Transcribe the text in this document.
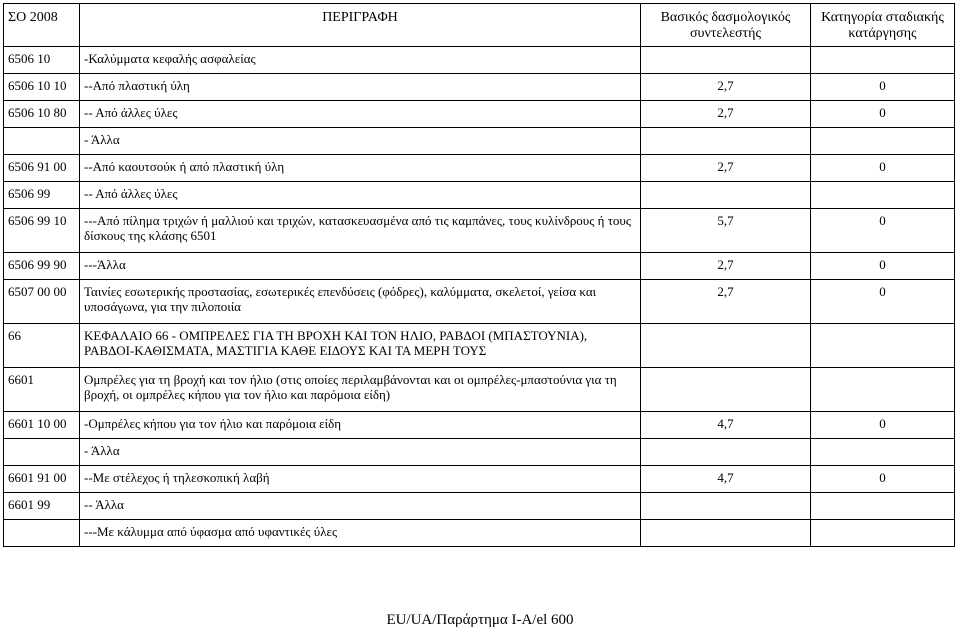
ΣΟ 2008	ΠΕΡΙΓΡΑΦΗ	Βασικός δασμολογικός συντελεστής	Κατηγορία σταδιακής κατάργησης
6506 10	-Καλύμματα κεφαλής ασφαλείας		
6506 10 10	--Από πλαστική ύλη	2,7	0
6506 10 80	-- Από άλλες ύλες	2,7	0
	- Άλλα		
6506 91 00	--Από καουτσούκ ή από πλαστική ύλη	2,7	0
6506 99	-- Από άλλες ύλες		
6506 99 10	---Από πίλημα τριχών ή μαλλιού και τριχών, κατασκευασμένα από τις καμπάνες, τους κυλίνδρους ή τους δίσκους της κλάσης 6501	5,7	0
6506 99 90	---Άλλα	2,7	0
6507 00 00	Ταινίες εσωτερικής προστασίας, εσωτερικές επενδύσεις (φόδρες), καλύμματα, σκελετοί, γείσα και υποσάγωνα, για την πιλοποιία	2,7	0
66	ΚΕΦΑΛΑΙΟ 66 - ΟΜΠΡΕΛΕΣ ΓΙΑ ΤΗ ΒΡΟΧΗ ΚΑΙ ΤΟΝ ΗΛΙΟ, ΡΑΒΔΟΙ (ΜΠΑΣΤΟΥΝΙΑ), ΡΑΒΔΟΙ-ΚΑΘΙΣΜΑΤΑ, ΜΑΣΤΙΓΙΑ ΚΑΘΕ ΕΙΔΟΥΣ ΚΑΙ ΤΑ ΜΕΡΗ ΤΟΥΣ		
6601	Ομπρέλες για τη βροχή και τον ήλιο (στις οποίες περιλαμβάνονται και οι ομπρέλες-μπαστούνια για τη βροχή, οι ομπρέλες κήπου για τον ήλιο και παρόμοια είδη)		
6601 10 00	-Ομπρέλες κήπου για τον ήλιο και παρόμοια είδη	4,7	0
	- Άλλα		
6601 91 00	--Με στέλεχος ή τηλεσκοπική λαβή	4,7	0
6601 99	-- Άλλα		
	---Με κάλυμμα από ύφασμα από υφαντικές ύλες		
EU/UA/Παράρτημα I-A/el 600
